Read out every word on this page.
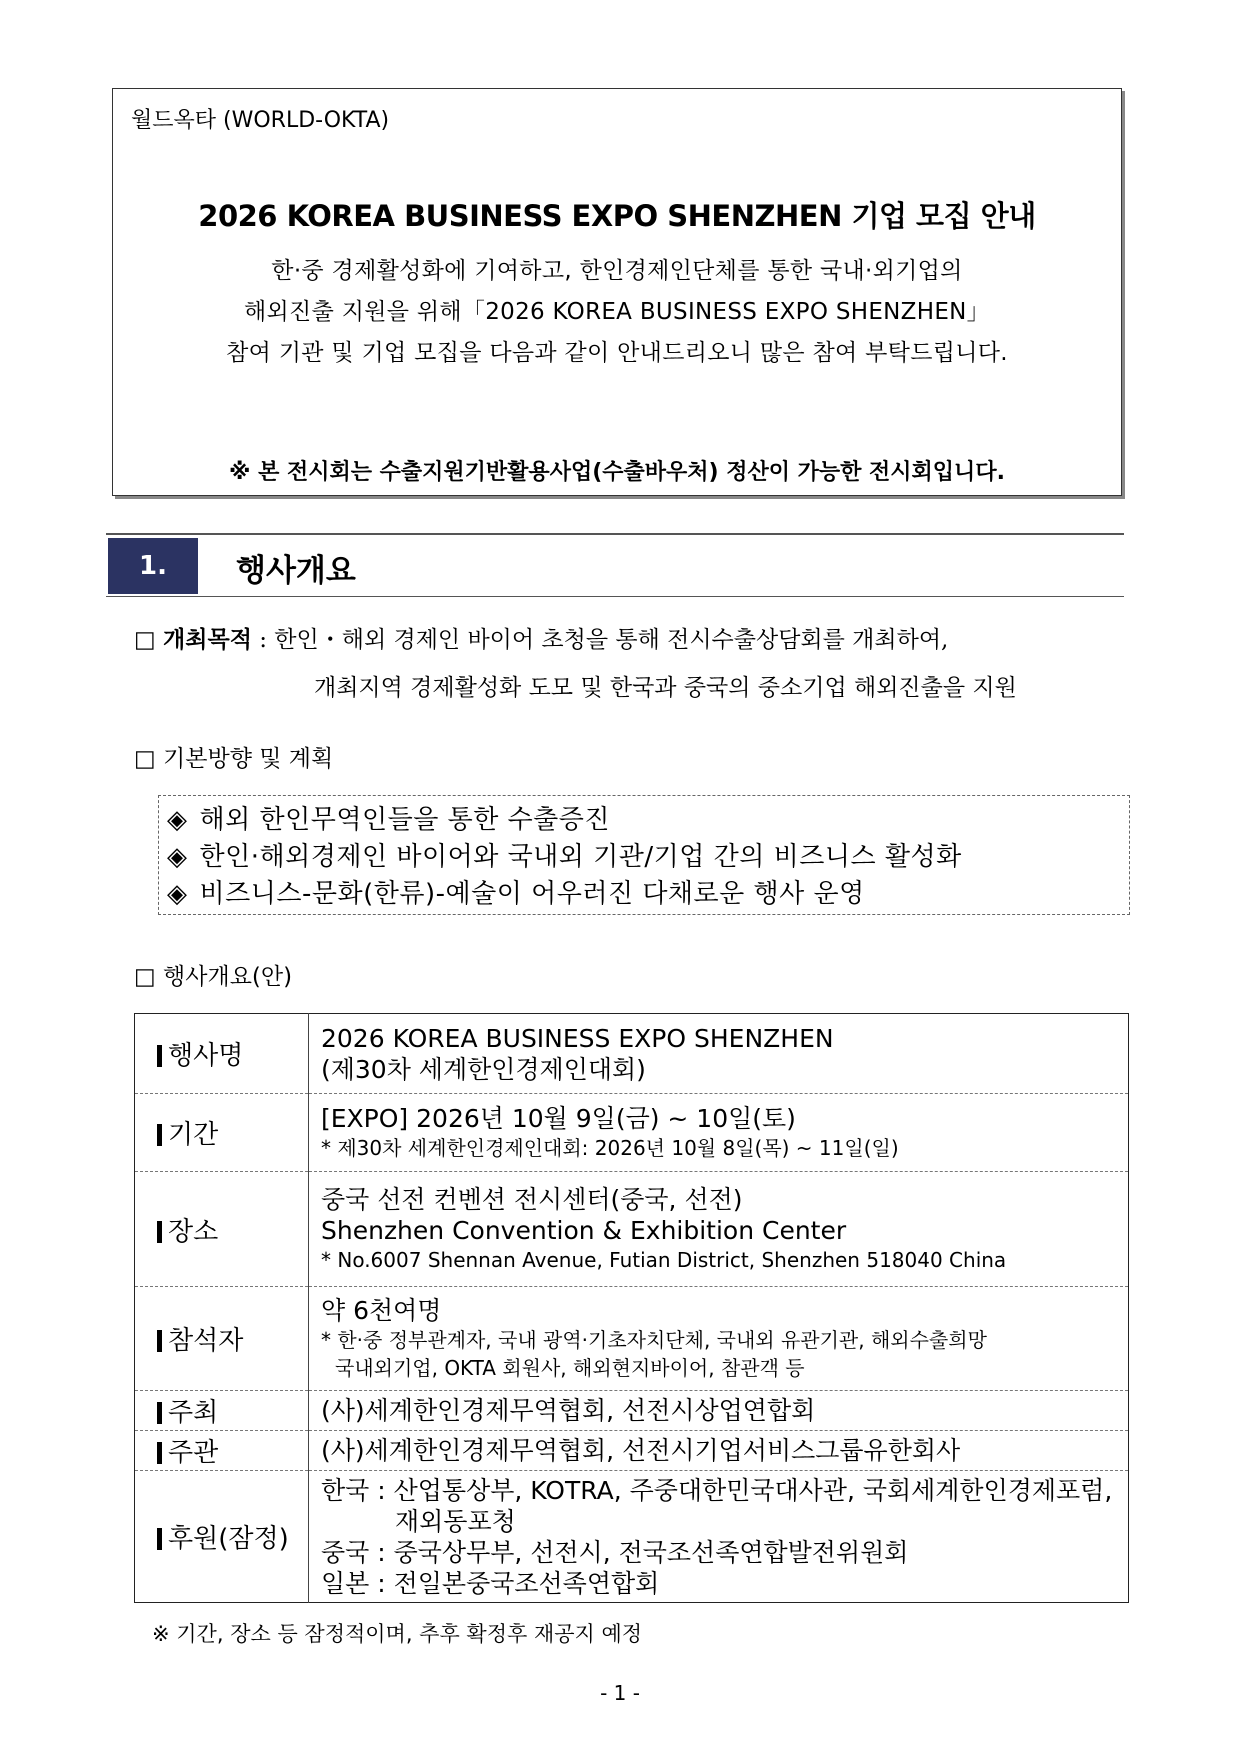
월드옥타 (WORLD-OKTA)
2026 KOREA BUSINESS EXPO SHENZHEN 기업 모집 안내
한·중 경제활성화에 기여하고, 한인경제인단체를 통한 국내·외기업의
해외진출 지원을 위해「2026 KOREA BUSINESS EXPO SHENZHEN」
참여 기관 및 기업 모집을 다음과 같이 안내드리오니 많은 참여 부탁드립니다.
※ 본 전시회는 수출지원기반활용사업(수출바우처) 정산이 가능한 전시회입니다.
1.	행사개요
□ 개최목적 : 한인・해외 경제인 바이어 초청을 통해 전시수출상담회를 개최하여,
개최지역 경제활성화 도모 및 한국과 중국의 중소기업 해외진출을 지원
□ 기본방향 및 계획
◈ 해외 한인무역인들을 통한 수출증진
◈ 한인·해외경제인 바이어와 국내외 기관/기업 간의 비즈니스 활성화
◈ 비즈니스-문화(한류)-예술이 어우러진 다채로운 행사 운영
□ 행사개요(안)
행사명	2026 KOREA BUSINESS EXPO SHENZHEN
(제30차 세계한인경제인대회)

기간	[EXPO] 2026년 10월 9일(금) ~ 10일(토)
* 제30차 세계한인경제인대회: 2026년 10월 8일(목) ~ 11일(일)

장소	중국 선전 컨벤션 전시센터(중국, 선전)
Shenzhen Convention & Exhibition Center
* No.6007 Shennan Avenue, Futian District, Shenzhen 518040 China

참석자	약 6천여명
* 한·중 정부관계자, 국내 광역·기초자치단체, 국내외 유관기관, 해외수출희망
국내외기업, OKTA 회원사, 해외현지바이어, 참관객 등

주최	(사)세계한인경제무역협회, 선전시상업연합회

주관	(사)세계한인경제무역협회, 선전시기업서비스그룹유한회사

후원(잠정)	한국 : 산업통상부, KOTRA, 주중대한민국대사관, 국회세계한인경제포럼,
재외동포청
중국 : 중국상무부, 선전시, 전국조선족연합발전위원회
일본 : 전일본중국조선족연합회
※ 기간, 장소 등 잠정적이며, 추후 확정후 재공지 예정
- 1 -
